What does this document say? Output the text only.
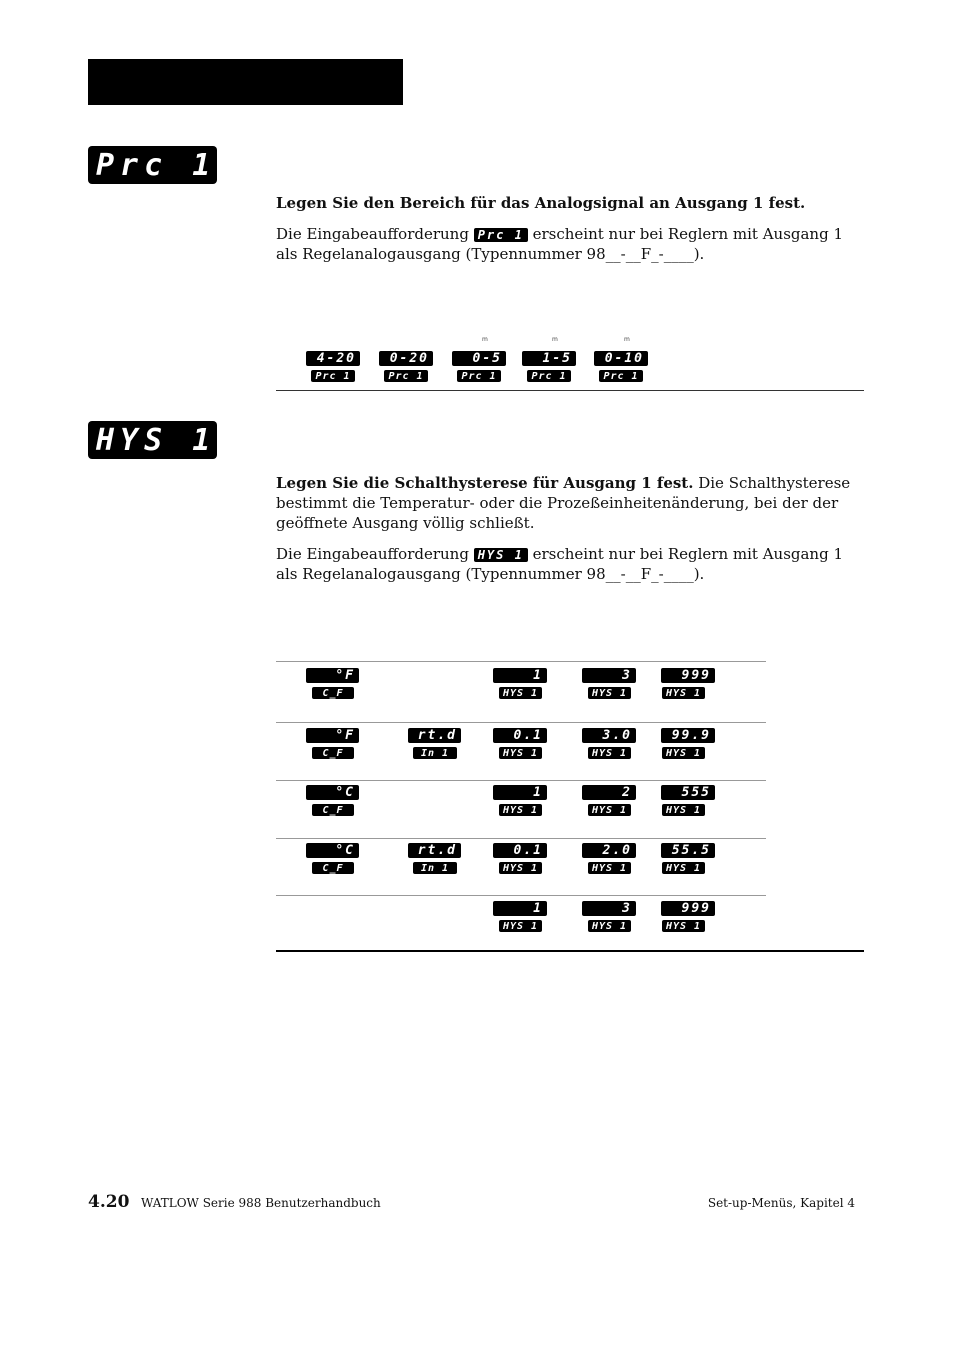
Prc 1

Legen Sie den Bereich für das Analogsignal an Ausgang 1 fest.

Die Eingabeaufforderung Prc 1 erscheint nur bei Reglern mit Ausgang 1 als Regelanalogausgang (Typennummer 98__-__F_-____).

HYS 1

Legen Sie die Schalthysterese für Ausgang 1 fest. Die Schalthysterese bestimmt die Temperatur- oder die Prozeßeinheitenänderung, bei der der geöffnete Ausgang völlig schließt.

Die Eingabeaufforderung HYS 1 erscheint nur bei Reglern mit Ausgang 1 als Regelanalogausgang (Typennummer 98__-__F_-____).

4.20 WATLOW Serie 988 Benutzerhandbuch	Set-up-Menüs, Kapitel 4
4-20
Prc 1
0-20
Prc 1
m
0-5
Prc 1
m
1-5
Prc 1
m
0-10
Prc 1
°F
C_F
1
HYS 1
3
HYS 1
999
HYS 1
°F
C_F
rt.d
In 1
0.1
HYS 1
3.0
HYS 1
99.9
HYS 1
°C
C_F
1
HYS 1
2
HYS 1
555
HYS 1
°C
C_F
rt.d
In 1
0.1
HYS 1
2.0
HYS 1
55.5
HYS 1
1
HYS 1
3
HYS 1
999
HYS 1
